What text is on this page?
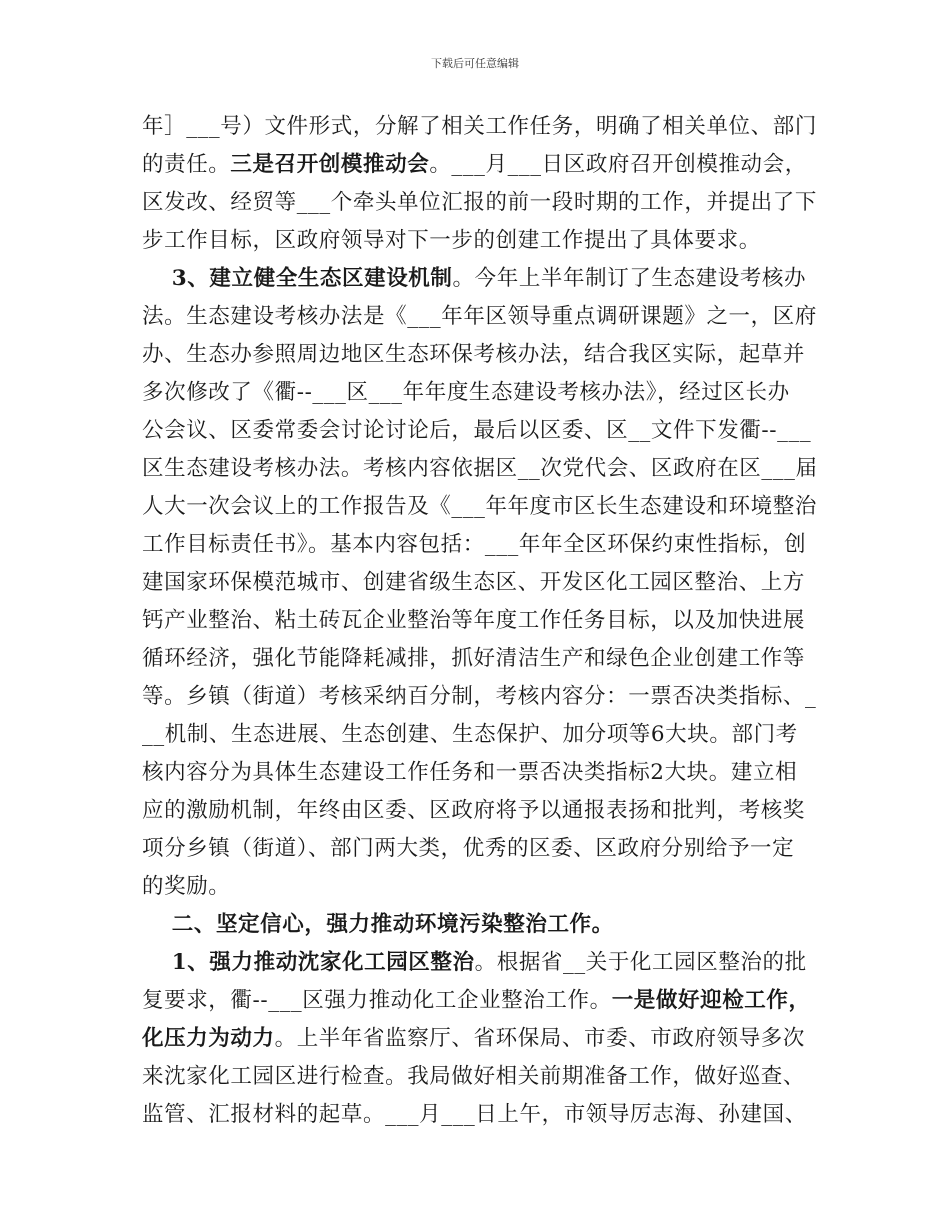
下载后可任意编辑
年］___号）文件形式，分解了相关工作任务，明确了相关单位、部门
的责任。三是召开创模推动会。___月___日区政府召开创模推动会，
区发改、经贸等___个牵头单位汇报的前一段时期的工作，并提出了下
步工作目标，区政府领导对下一步的创建工作提出了具体要求。
3、建立健全生态区建设机制。今年上半年制订了生态建设考核办
法。生态建设考核办法是《___年年区领导重点调研课题》之一，区府
办、生态办参照周边地区生态环保考核办法，结合我区实际，起草并
多次修改了《衢--___区___年年度生态建设考核办法》，经过区长办
公会议、区委常委会讨论讨论后，最后以区委、区__文件下发衢--___
区生态建设考核办法。考核内容依据区__次党代会、区政府在区___届
人大一次会议上的工作报告及《___年年度市区长生态建设和环境整治
工作目标责任书》。基本内容包括：___年年全区环保约束性指标，创
建国家环保模范城市、创建省级生态区、开发区化工园区整治、上方
钙产业整治、粘土砖瓦企业整治等年度工作任务目标，以及加快进展
循环经济，强化节能降耗减排，抓好清洁生产和绿色企业创建工作等
等。乡镇（街道）考核采纳百分制，考核内容分：一票否决类指标、_
__机制、生态进展、生态创建、生态保护、加分项等6大块。部门考
核内容分为具体生态建设工作任务和一票否决类指标2大块。建立相
应的激励机制，年终由区委、区政府将予以通报表扬和批判，考核奖
项分乡镇（街道）、部门两大类，优秀的区委、区政府分别给予一定
的奖励。
二、坚定信心，强力推动环境污染整治工作。
1、强力推动沈家化工园区整治。根据省__关于化工园区整治的批
复要求，衢--___区强力推动化工企业整治工作。一是做好迎检工作，
化压力为动力。上半年省监察厅、省环保局、市委、市政府领导多次
来沈家化工园区进行检查。我局做好相关前期准备工作，做好巡查、
监管、汇报材料的起草。___月___日上午，市领导厉志海、孙建国、
